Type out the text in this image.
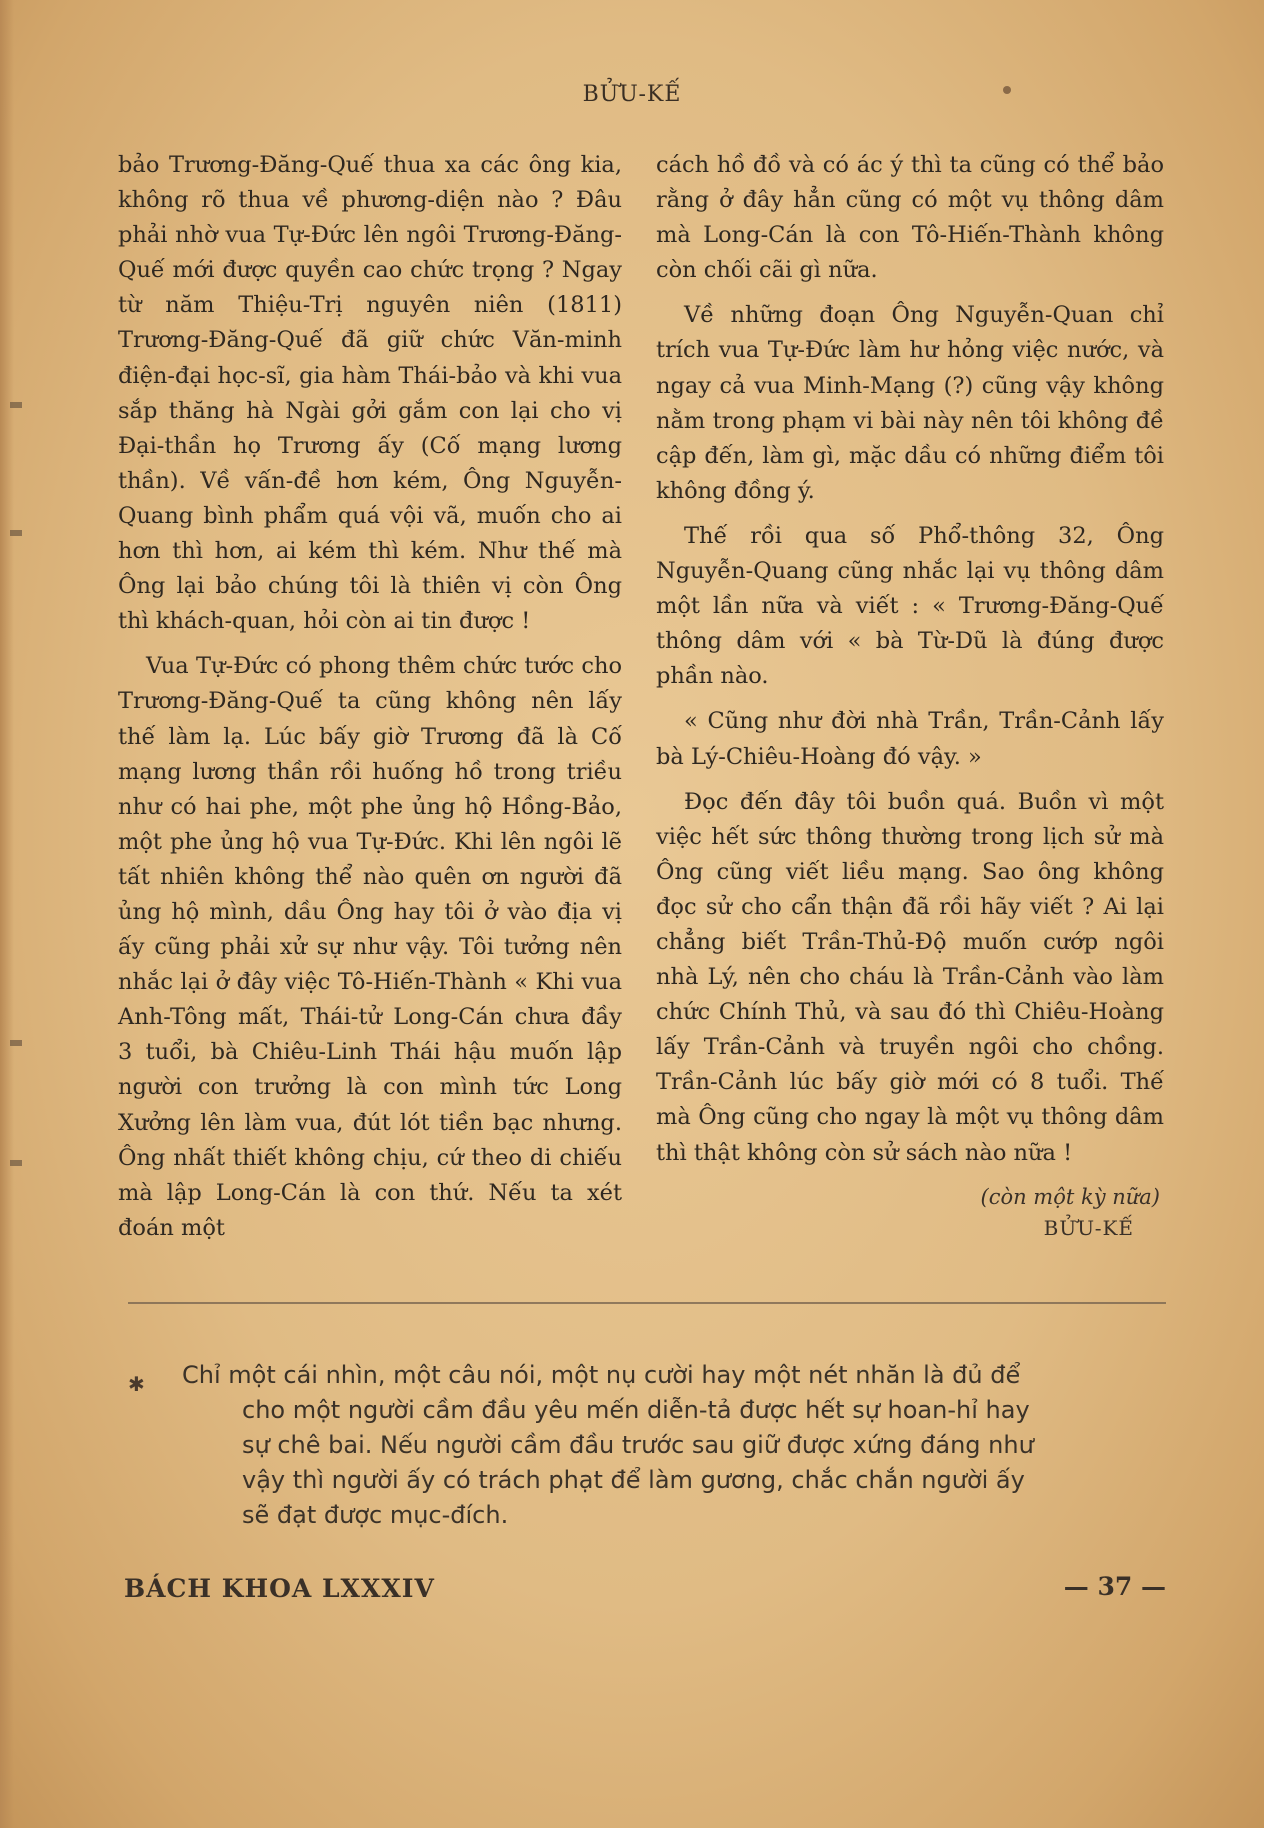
BỬU-KẾ

bảo Trương-Đăng-Quế thua xa các ông kia, không rõ thua về phương-diện nào ? Đâu phải nhờ vua Tự-Đức lên ngôi Trương-Đăng-Quế mới được quyền cao chức trọng ? Ngay từ năm Thiệu-Trị nguyên niên (1811) Trương-Đăng-Quế đã giữ chức Văn-minh điện-đại học-sĩ, gia hàm Thái-bảo và khi vua sắp thăng hà Ngài gởi gắm con lại cho vị Đại-thần họ Trương ấy (Cố mạng lương thần). Về vấn-đề hơn kém, Ông Nguyễn-Quang bình phẩm quá vội vã, muốn cho ai hơn thì hơn, ai kém thì kém. Như thế mà Ông lại bảo chúng tôi là thiên vị còn Ông thì khách-quan, hỏi còn ai tin được !

Vua Tự-Đức có phong thêm chức tước cho Trương-Đăng-Quế ta cũng không nên lấy thế làm lạ. Lúc bấy giờ Trương đã là Cố mạng lương thần rồi huống hồ trong triều như có hai phe, một phe ủng hộ Hồng-Bảo, một phe ủng hộ vua Tự-Đức. Khi lên ngôi lẽ tất nhiên không thể nào quên ơn người đã ủng hộ mình, dầu Ông hay tôi ở vào địa vị ấy cũng phải xử sự như vậy. Tôi tưởng nên nhắc lại ở đây việc Tô-Hiến-Thành « Khi vua Anh-Tông mất, Thái-tử Long-Cán chưa đầy 3 tuổi, bà Chiêu-Linh Thái hậu muốn lập người con trưởng là con mình tức Long Xưởng lên làm vua, đút lót tiền bạc nhưng. Ông nhất thiết không chịu, cứ theo di chiếu mà lập Long-Cán là con thứ. Nếu ta xét đoán một

cách hồ đồ và có ác ý thì ta cũng có thể bảo rằng ở đây hẳn cũng có một vụ thông dâm mà Long-Cán là con Tô-Hiến-Thành không còn chối cãi gì nữa.

Về những đoạn Ông Nguyễn-Quan chỉ trích vua Tự-Đức làm hư hỏng việc nước, và ngay cả vua Minh-Mạng (?) cũng vậy không nằm trong phạm vi bài này nên tôi không đề cập đến, làm gì, mặc dầu có những điểm tôi không đồng ý.

Thế rồi qua số Phổ-thông 32, Ông Nguyễn-Quang cũng nhắc lại vụ thông dâm một lần nữa và viết : « Trương-Đăng-Quế thông dâm với « bà Từ-Dũ là đúng được phần nào.

« Cũng như đời nhà Trần, Trần-Cảnh lấy bà Lý-Chiêu-Hoàng đó vậy. »

Đọc đến đây tôi buồn quá. Buồn vì một việc hết sức thông thường trong lịch sử mà Ông cũng viết liều mạng. Sao ông không đọc sử cho cẩn thận đã rồi hãy viết ? Ai lại chẳng biết Trần-Thủ-Độ muốn cướp ngôi nhà Lý, nên cho cháu là Trần-Cảnh vào làm chức Chính Thủ, và sau đó thì Chiêu-Hoàng lấy Trần-Cảnh và truyền ngôi cho chồng. Trần-Cảnh lúc bấy giờ mới có 8 tuổi. Thế mà Ông cũng cho ngay là một vụ thông dâm thì thật không còn sử sách nào nữa !

(còn một kỳ nữa)
BỬU-KẾ
✱ Chỉ một cái nhìn, một câu nói, một nụ cười hay một nét nhăn là đủ để
cho một người cầm đầu yêu mến diễn-tả được hết sự hoan-hỉ hay
sự chê bai. Nếu người cầm đầu trước sau giữ được xứng đáng như
vậy thì người ấy có trách phạt để làm gương, chắc chắn người ấy
sẽ đạt được mục-đích.
BÁCH KHOA LXXXIV	— 37 —
